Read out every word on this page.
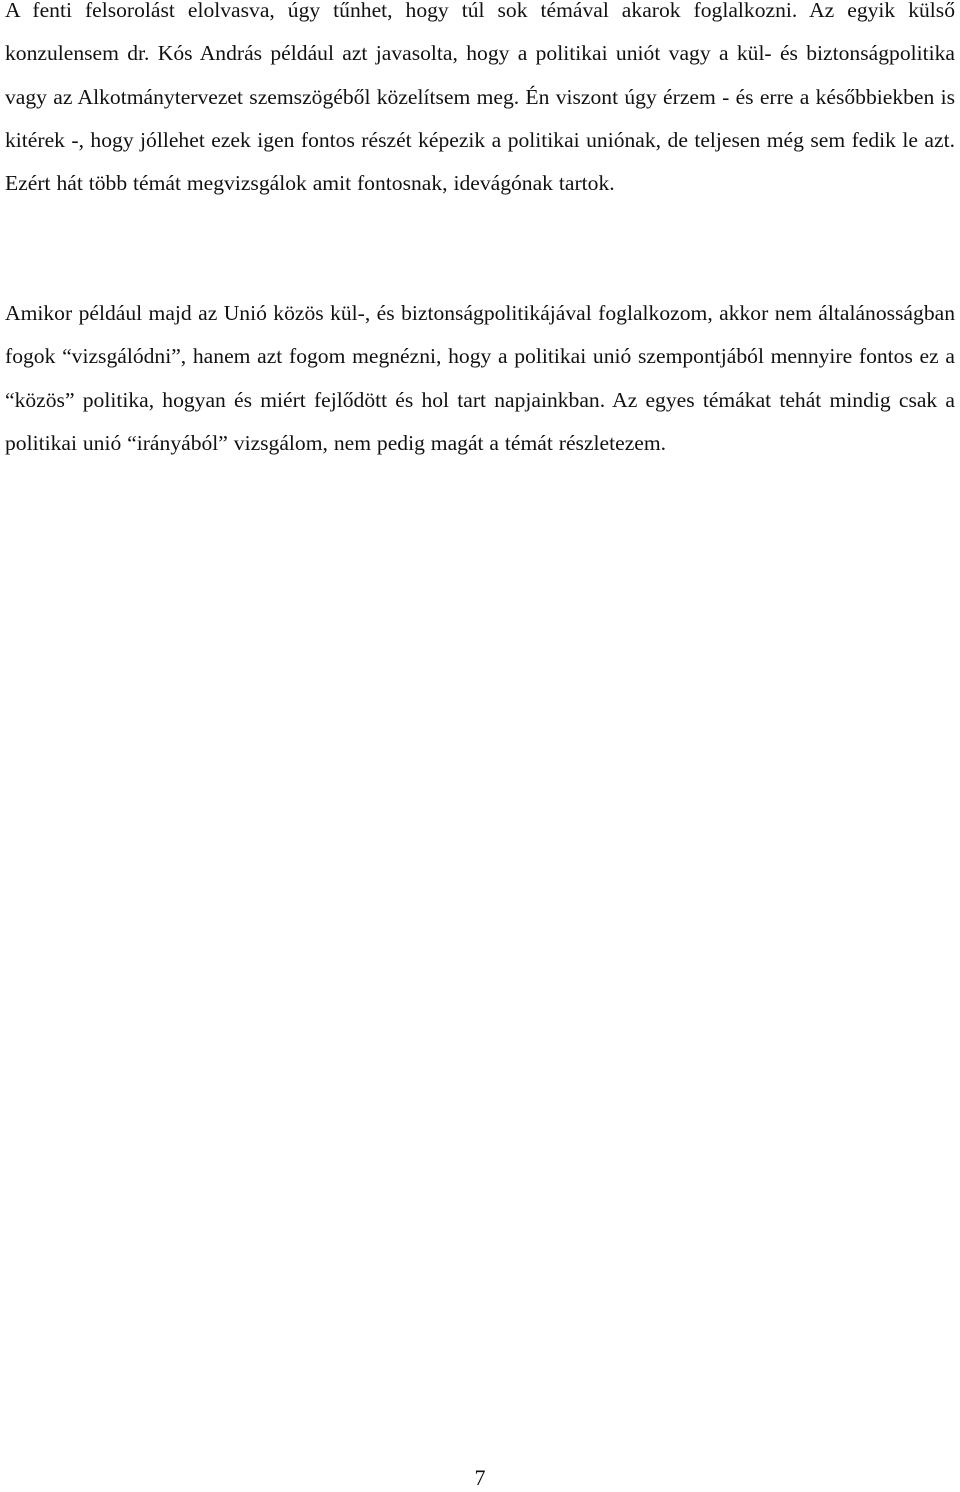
A fenti felsorolást elolvasva, úgy tűnhet, hogy túl sok témával akarok foglalkozni. Az egyik külső konzulensem dr. Kós András például azt javasolta, hogy a politikai uniót vagy a kül- és biztonságpolitika vagy az Alkotmánytervezet szemszögéből közelítsem meg. Én viszont úgy érzem - és erre a későbbiekben is kitérek -, hogy jóllehet ezek igen fontos részét képezik a politikai uniónak, de teljesen még sem fedik le azt. Ezért hát több témát megvizsgálok amit fontosnak, idevágónak tartok.

Amikor például majd az Unió közös kül-, és biztonságpolitikájával foglalkozom, akkor nem általánosságban fogok “vizsgálódni”, hanem azt fogom megnézni, hogy a politikai unió szempontjából mennyire fontos ez a “közös” politika, hogyan és miért fejlődött és hol tart napjainkban. Az egyes témákat tehát mindig csak a politikai unió “irányából” vizsgálom, nem pedig magát a témát részletezem.

7
